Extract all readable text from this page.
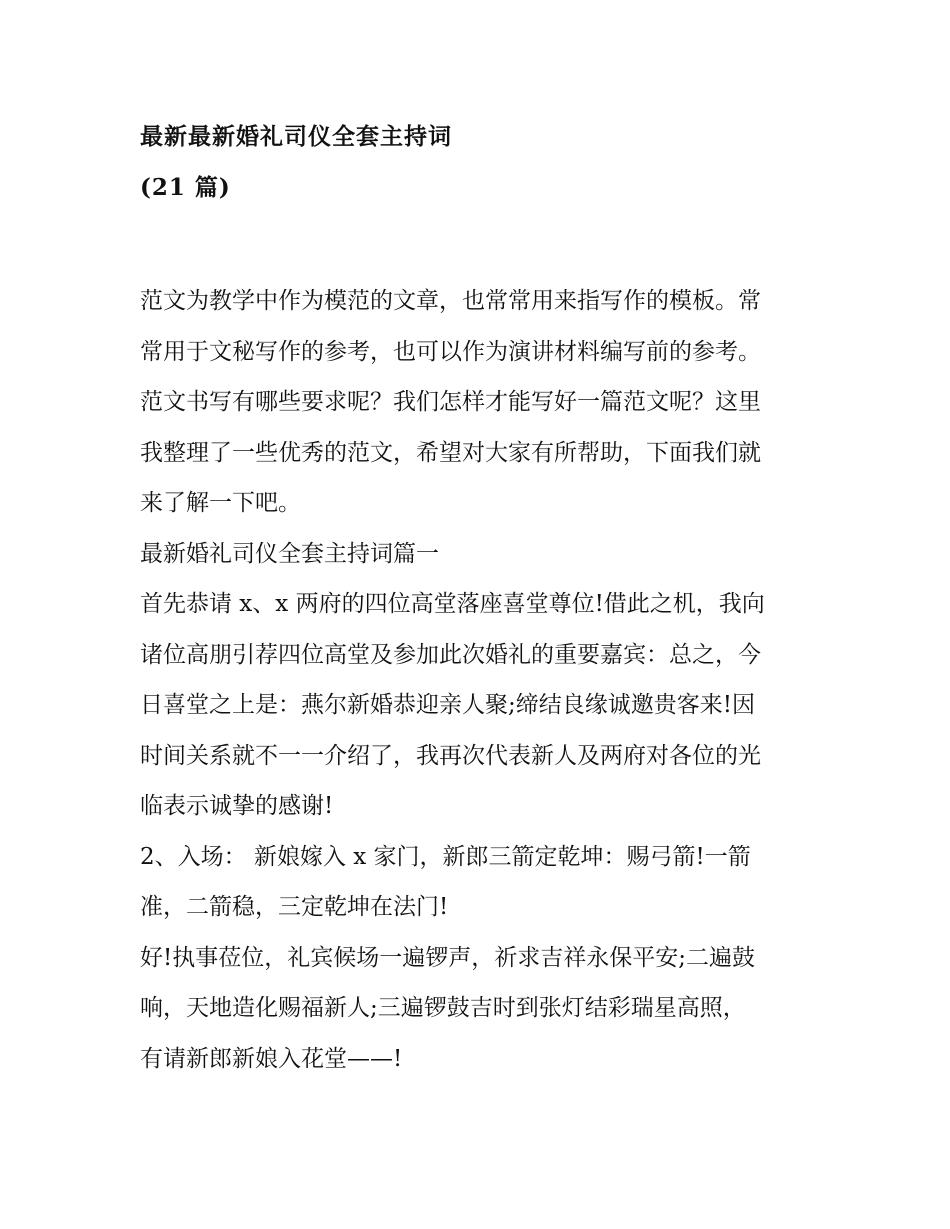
最新最新婚礼司仪全套主持词
(21 篇)
范文为教学中作为模范的文章，也常常用来指写作的模板。常
常用于文秘写作的参考，也可以作为演讲材料编写前的参考。
范文书写有哪些要求呢？我们怎样才能写好一篇范文呢？这里
我整理了一些优秀的范文，希望对大家有所帮助，下面我们就
来了解一下吧。
最新婚礼司仪全套主持词篇一
首先恭请 x、x 两府的四位高堂落座喜堂尊位!借此之机，我向
诸位高朋引荐四位高堂及参加此次婚礼的重要嘉宾：总之，今
日喜堂之上是：燕尔新婚恭迎亲人聚;缔结良缘诚邀贵客来!因
时间关系就不一一介绍了，我再次代表新人及两府对各位的光
临表示诚挚的感谢!
2、入场： 新娘嫁入 x 家门，新郎三箭定乾坤：赐弓箭!一箭
准，二箭稳，三定乾坤在法门!
好!执事莅位，礼宾候场一遍锣声，祈求吉祥永保平安;二遍鼓
响，天地造化赐福新人;三遍锣鼓吉时到张灯结彩瑞星高照，
有请新郎新娘入花堂——!
